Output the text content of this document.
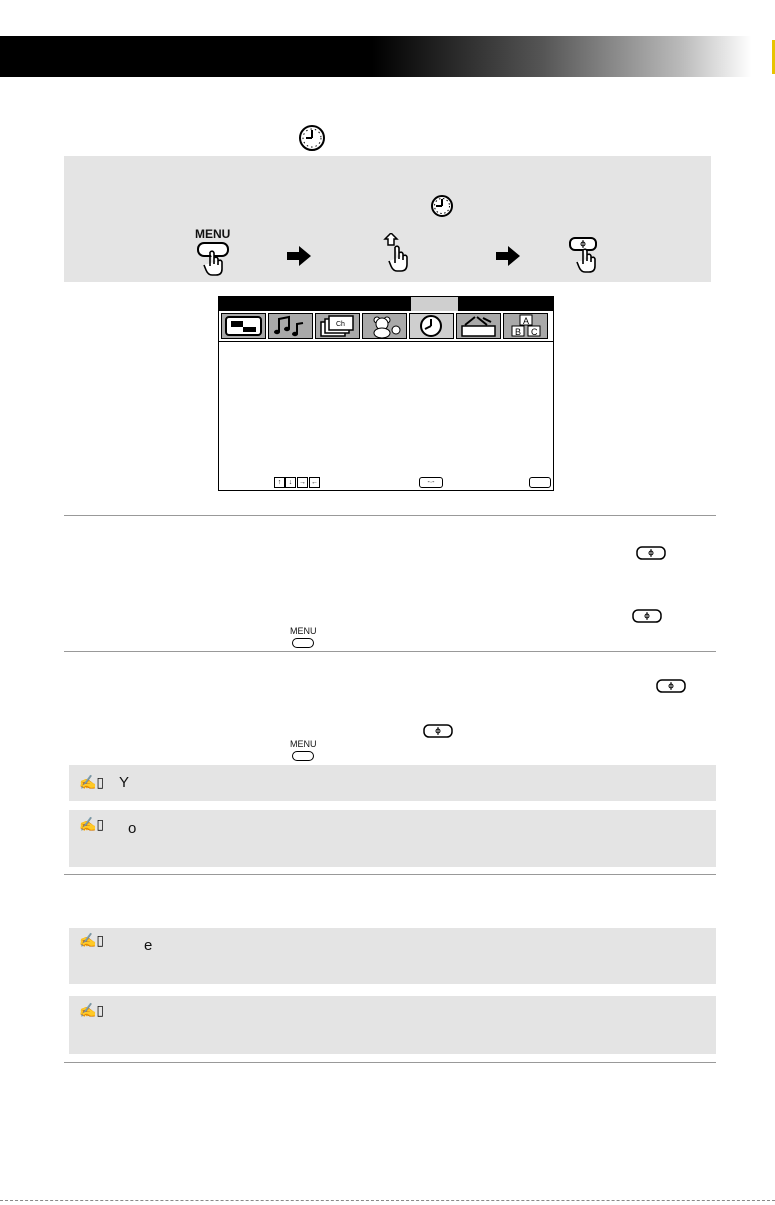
MENU
Ch	A
B C
↑	↓ → ←	-·-
MENU
MENU
✍▯ Y
✍▯ o
✍▯	e
✍▯
